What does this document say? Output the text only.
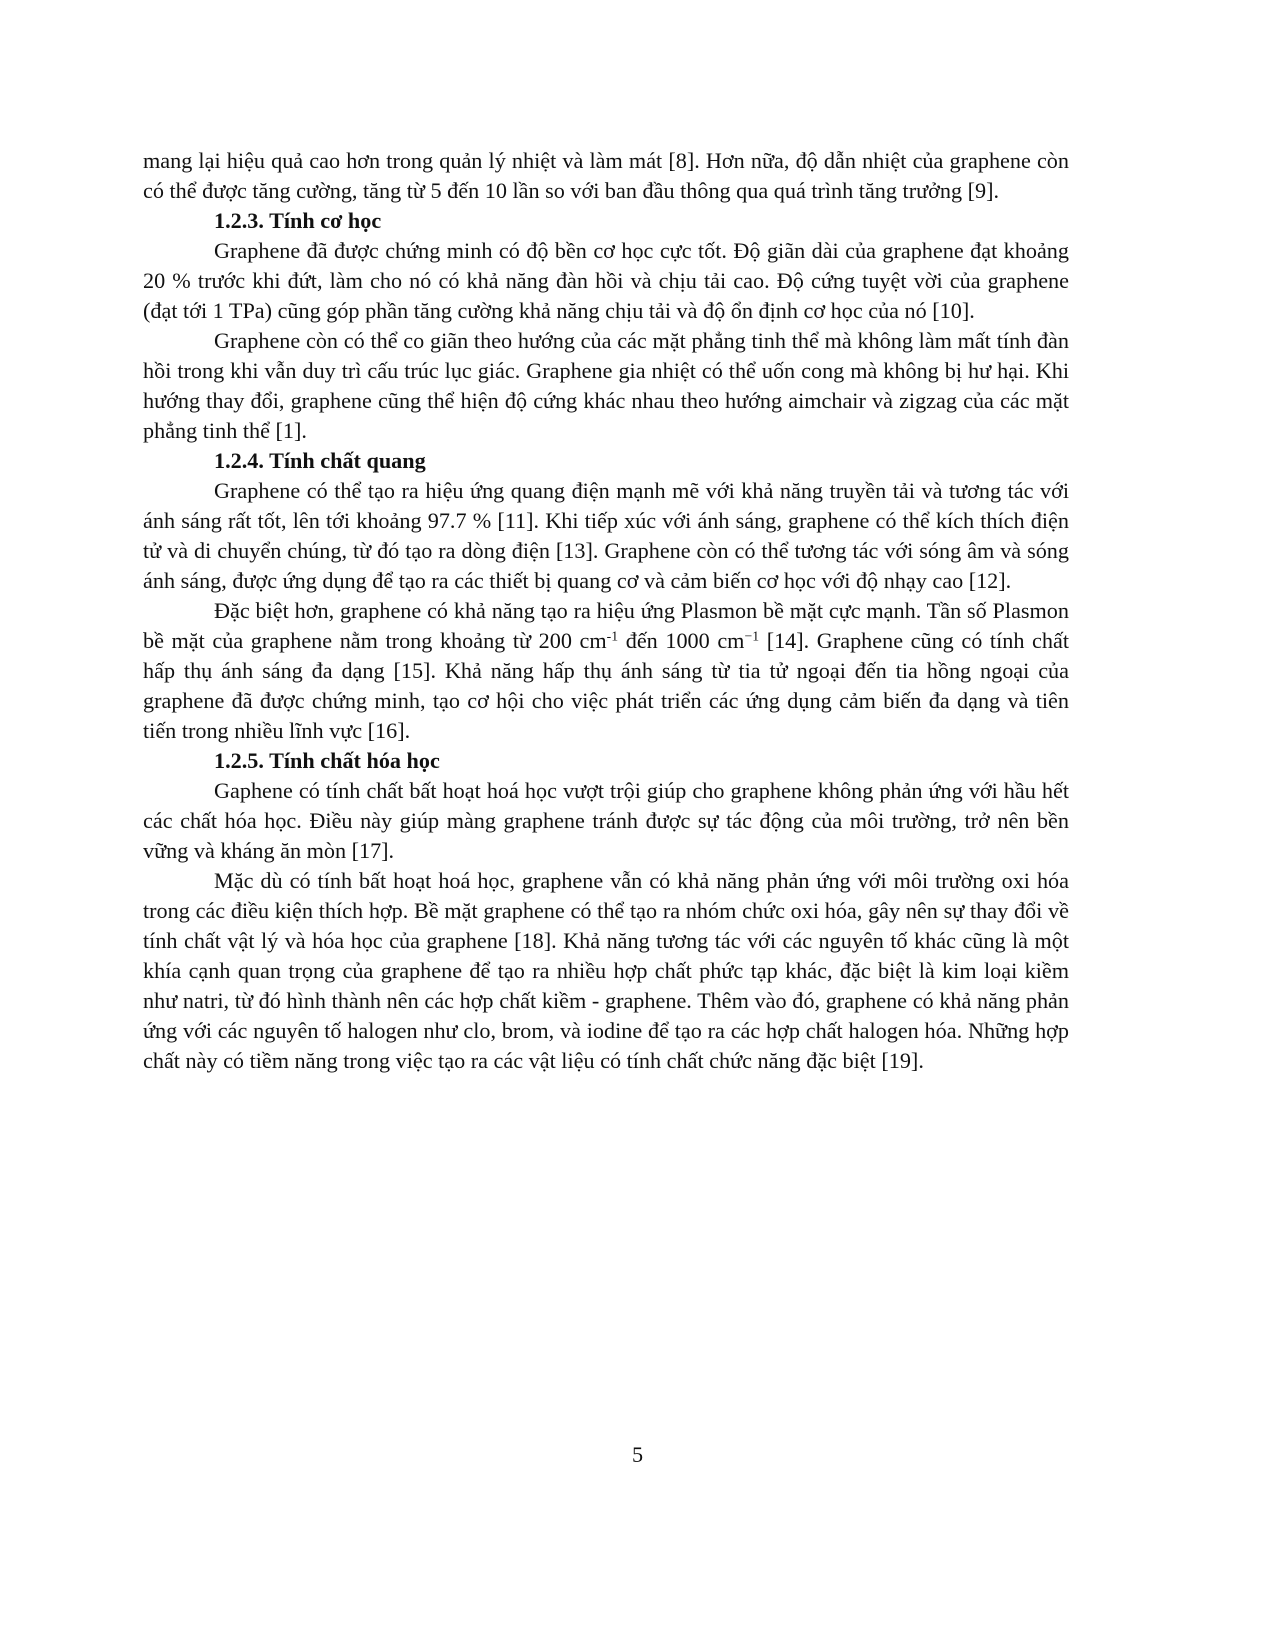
mang lại hiệu quả cao hơn trong quản lý nhiệt và làm mát [8]. Hơn nữa, độ dẫn nhiệt của graphene còn có thể được tăng cường, tăng từ 5 đến 10 lần so với ban đầu thông qua quá trình tăng trưởng [9].

1.2.3. Tính cơ học

Graphene đã được chứng minh có độ bền cơ học cực tốt. Độ giãn dài của graphene đạt khoảng 20 % trước khi đứt, làm cho nó có khả năng đàn hồi và chịu tải cao. Độ cứng tuyệt vời của graphene (đạt tới 1 TPa) cũng góp phần tăng cường khả năng chịu tải và độ ổn định cơ học của nó [10].

Graphene còn có thể co giãn theo hướng của các mặt phẳng tinh thể mà không làm mất tính đàn hồi trong khi vẫn duy trì cấu trúc lục giác. Graphene gia nhiệt có thể uốn cong mà không bị hư hại. Khi hướng thay đổi, graphene cũng thể hiện độ cứng khác nhau theo hướng aimchair và zigzag của các mặt phẳng tinh thể [1].

1.2.4. Tính chất quang

Graphene có thể tạo ra hiệu ứng quang điện mạnh mẽ với khả năng truyền tải và tương tác với ánh sáng rất tốt, lên tới khoảng 97.7 % [11]. Khi tiếp xúc với ánh sáng, graphene có thể kích thích điện tử và di chuyển chúng, từ đó tạo ra dòng điện [13]. Graphene còn có thể tương tác với sóng âm và sóng ánh sáng, được ứng dụng để tạo ra các thiết bị quang cơ và cảm biến cơ học với độ nhạy cao [12].

Đặc biệt hơn, graphene có khả năng tạo ra hiệu ứng Plasmon bề mặt cực mạnh. Tần số Plasmon bề mặt của graphene nằm trong khoảng từ 200 $cm^{-1}$ đến 1000 $cm^{-1}$ [14]. Graphene cũng có tính chất hấp thụ ánh sáng đa dạng [15]. Khả năng hấp thụ ánh sáng từ tia tử ngoại đến tia hồng ngoại của graphene đã được chứng minh, tạo cơ hội cho việc phát triển các ứng dụng cảm biến đa dạng và tiên tiến trong nhiều lĩnh vực [16].

1.2.5. Tính chất hóa học

Gaphene có tính chất bất hoạt hoá học vượt trội giúp cho graphene không phản ứng với hầu hết các chất hóa học. Điều này giúp màng graphene tránh được sự tác động của môi trường, trở nên bền vững và kháng ăn mòn [17].

Mặc dù có tính bất hoạt hoá học, graphene vẫn có khả năng phản ứng với môi trường oxi hóa trong các điều kiện thích hợp. Bề mặt graphene có thể tạo ra nhóm chức oxi hóa, gây nên sự thay đổi về tính chất vật lý và hóa học của graphene [18]. Khả năng tương tác với các nguyên tố khác cũng là một khía cạnh quan trọng của graphene để tạo ra nhiều hợp chất phức tạp khác, đặc biệt là kim loại kiềm như natri, từ đó hình thành nên các hợp chất kiềm - graphene. Thêm vào đó, graphene có khả năng phản ứng với các nguyên tố halogen như clo, brom, và iodine để tạo ra các hợp chất halogen hóa. Những hợp chất này có tiềm năng trong việc tạo ra các vật liệu có tính chất chức năng đặc biệt [19].

5
